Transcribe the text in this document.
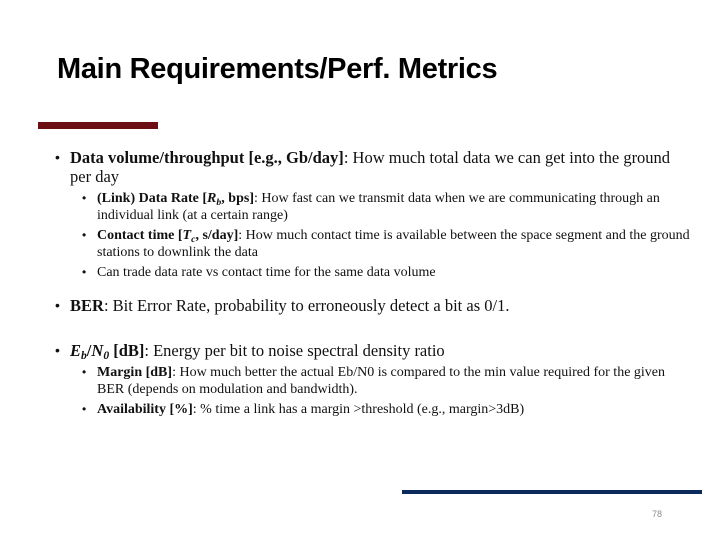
Main Requirements/Perf. Metrics
• Data volume/throughput [e.g., Gb/day]: How much total data we can get into the ground per day
• (Link) Data Rate [$R_b$, bps]: How fast can we transmit data when we are communicating through an individual link (at a certain range)
• Contact time [$T_c$, s/day]: How much contact time is available between the space segment and the ground stations to downlink the data
• Can trade data rate vs contact time for the same data volume
• BER: Bit Error Rate, probability to erroneously detect a bit as 0/1.
• $E_b/N_0$ [dB]: Energy per bit to noise spectral density ratio
• Margin [dB]: How much better the actual Eb/N0 is compared to the min value required for the given BER (depends on modulation and bandwidth).
• Availability [%]: % time a link has a margin >threshold (e.g., margin>3dB)
78
